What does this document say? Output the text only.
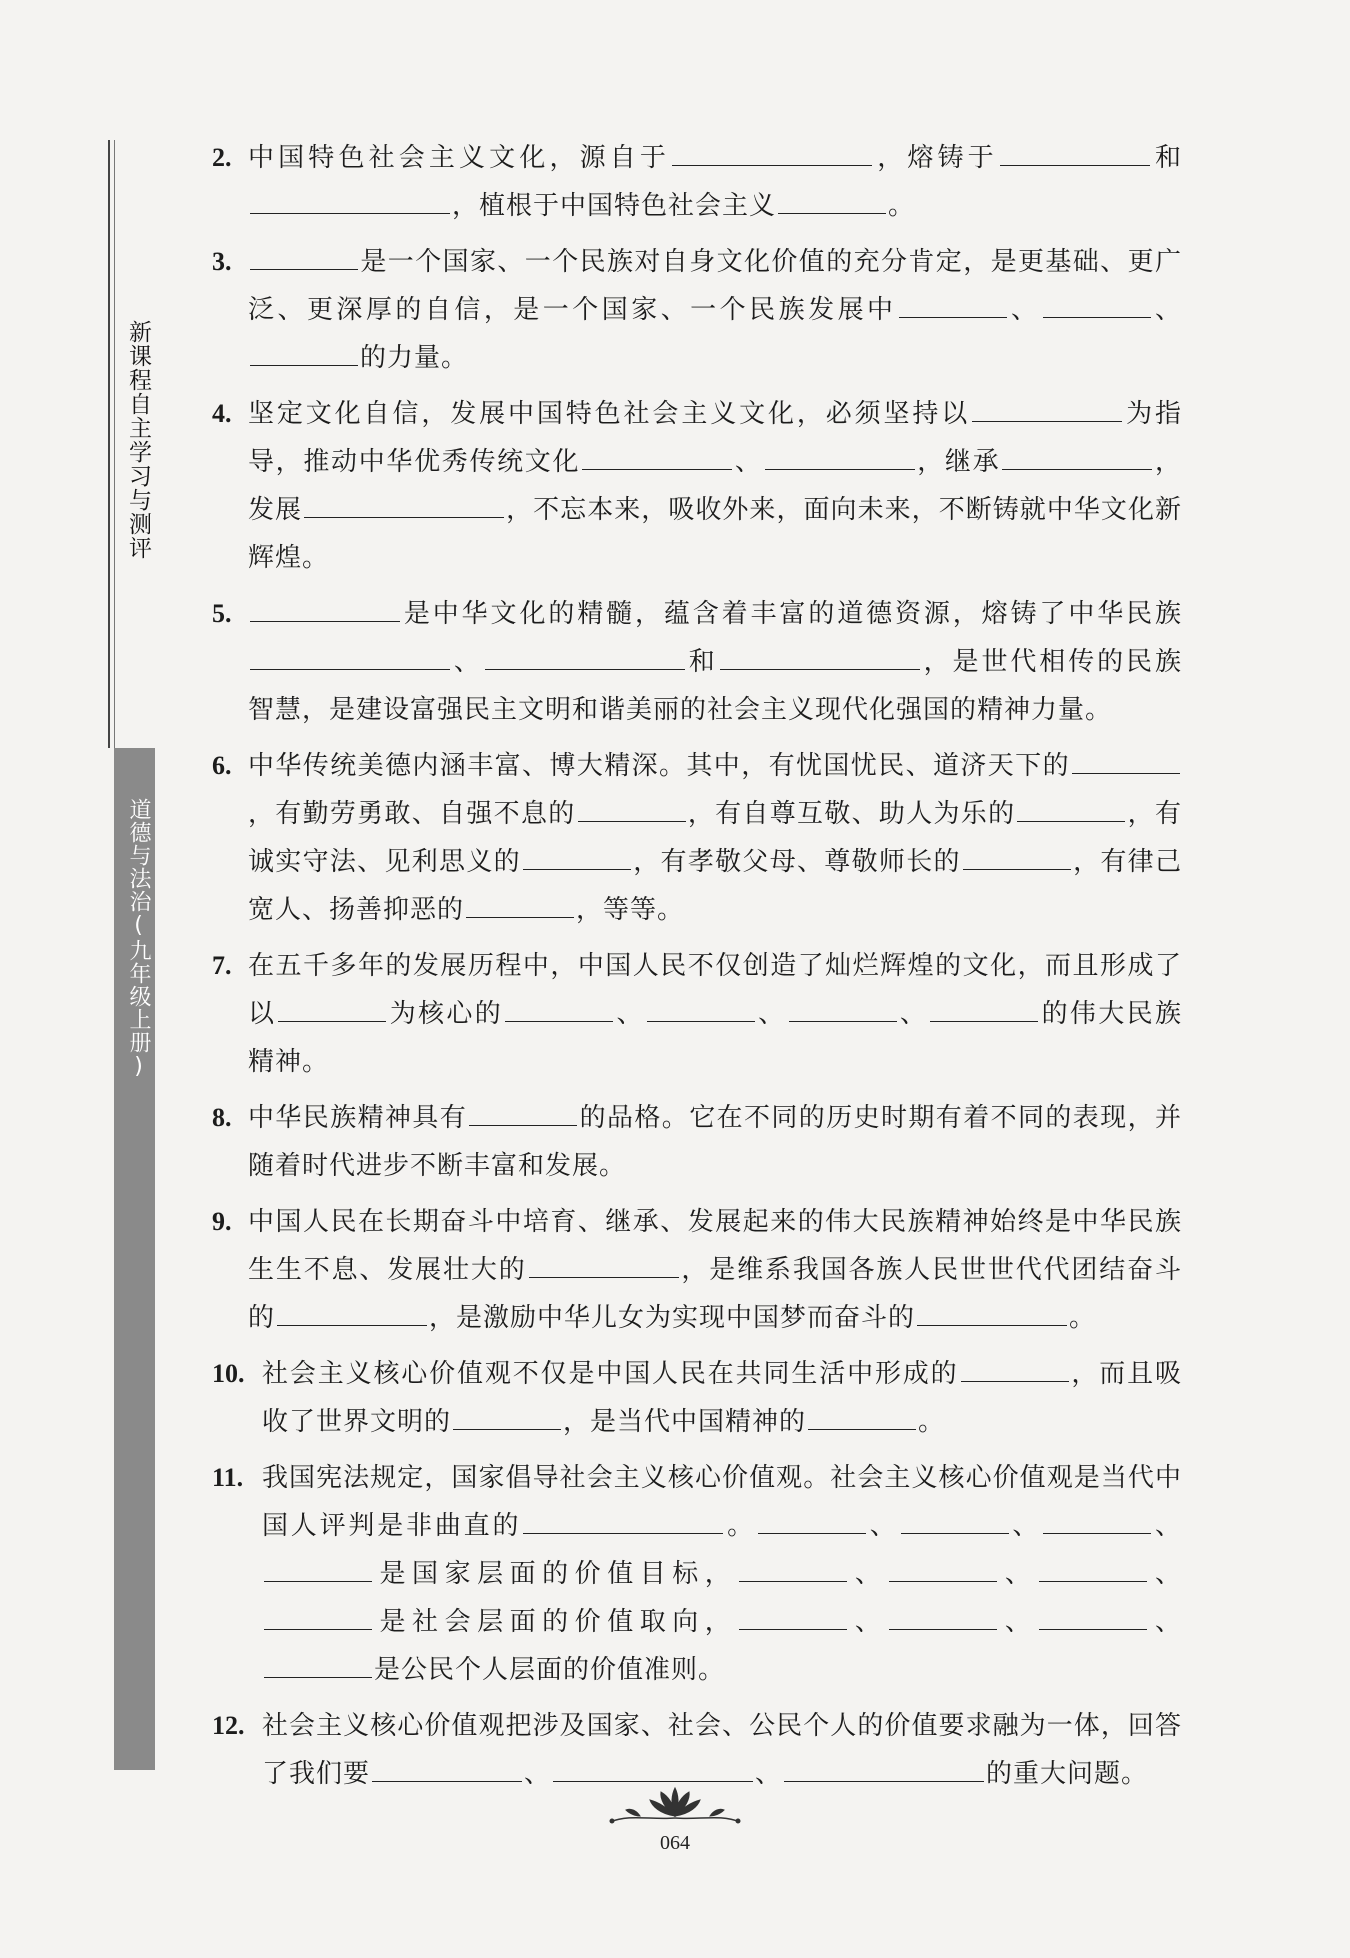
新课程自主学习与测评
道德与法治(九年级上册)
2. 中国特色社会主义文化，源自于	，熔铸于	和，植根于中国特色社会主义	。
3.	是一个国家、一个民族对自身文化价值的充分肯定，是更基础、更广泛、更深厚的自信，是一个国家、一个民族发展中	、	、的力量。
4. 坚定文化自信，发展中国特色社会主义文化，必须坚持以	为指导，推动中华优秀传统文化	、	，继承	，发展	，不忘本来，吸收外来，面向未来，不断铸就中华文化新辉煌。
5.	是中华文化的精髓，蕴含着丰富的道德资源，熔铸了中华民族、	和	，是世代相传的民族智慧，是建设富强民主文明和谐美丽的社会主义现代化强国的精神力量。
6. 中华传统美德内涵丰富、博大精深。其中，有忧国忧民、道济天下的，有勤劳勇敢、自强不息的	，有自尊互敬、助人为乐的	，有诚实守法、见利思义的	，有孝敬父母、尊敬师长的	，有律己宽人、扬善抑恶的	，等等。
7. 在五千多年的发展历程中，中国人民不仅创造了灿烂辉煌的文化，而且形成了以	为核心的	、	、	、	的伟大民族精神。
8. 中华民族精神具有	的品格。它在不同的历史时期有着不同的表现，并随着时代进步不断丰富和发展。
9. 中国人民在长期奋斗中培育、继承、发展起来的伟大民族精神始终是中华民族生生不息、发展壮大的	，是维系我国各族人民世世代代团结奋斗的	，是激励中华儿女为实现中国梦而奋斗的	。
10. 社会主义核心价值观不仅是中国人民在共同生活中形成的	，而且吸收了世界文明的	，是当代中国精神的	。
11. 我国宪法规定，国家倡导社会主义核心价值观。社会主义核心价值观是当代中国人评判是非曲直的	。	、	、	、是国家层面的价值目标，	、	、	、是社会层面的价值取向，	、	、	、是公民个人层面的价值准则。
12. 社会主义核心价值观把涉及国家、社会、公民个人的价值要求融为一体，回答了我们要	、	、	的重大问题。
064
